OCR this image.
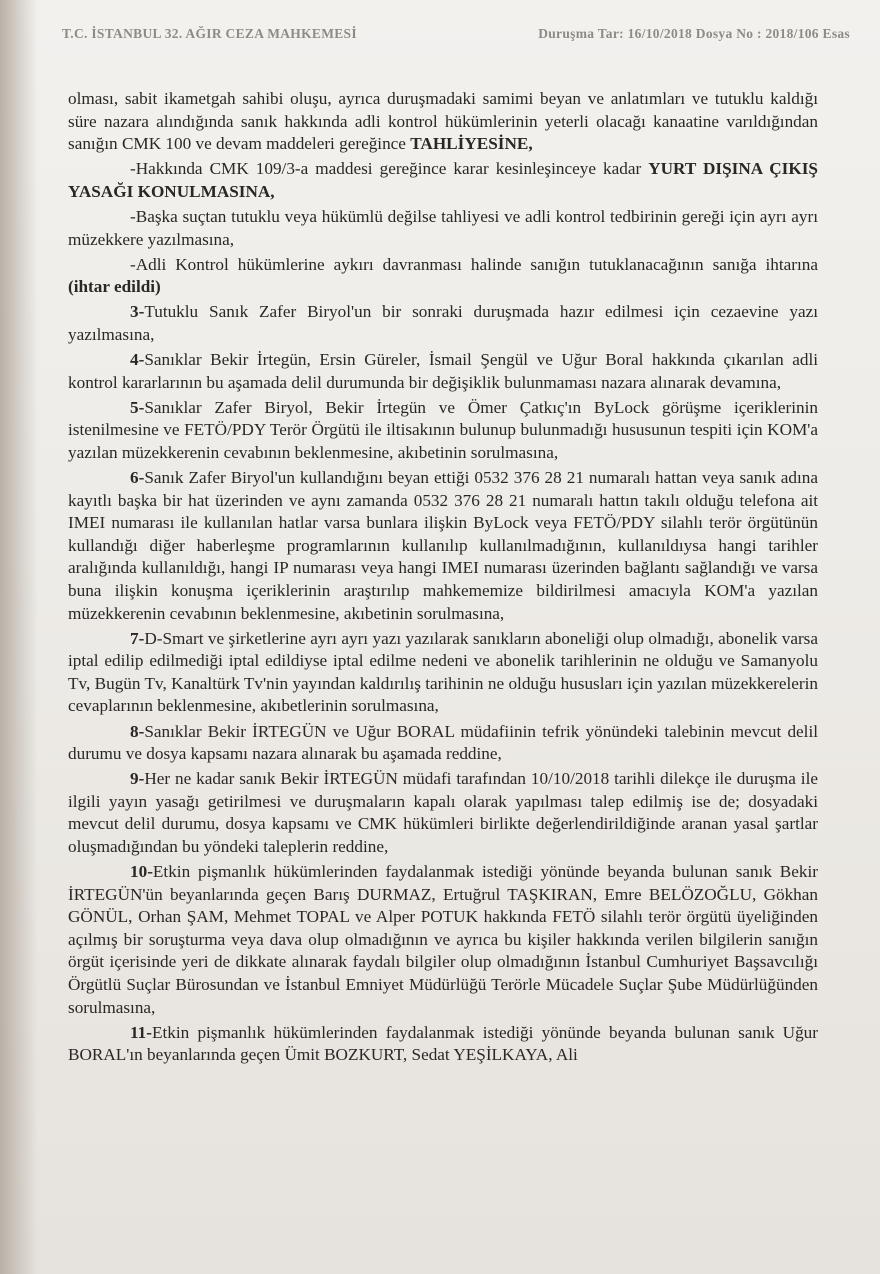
T.C. İSTANBUL 32. AĞIR CEZA MAHKEMESİ	Duruşma Tar: 16/10/2018 Dosya No : 2018/106 Esas

olması, sabit ikametgah sahibi oluşu, ayrıca duruşmadaki samimi beyan ve anlatımları ve tutuklu kaldığı süre nazara alındığında sanık hakkında adli kontrol hükümlerinin yeterli olacağı kanaatine varıldığından sanığın CMK 100 ve devam maddeleri gereğince TAHLİYESİNE,

-Hakkında CMK 109/3-a maddesi gereğince karar kesinleşinceye kadar YURT DIŞINA ÇIKIŞ YASAĞI KONULMASINA,

-Başka suçtan tutuklu veya hükümlü değilse tahliyesi ve adli kontrol tedbirinin gereği için ayrı ayrı müzekkere yazılmasına,

-Adli Kontrol hükümlerine aykırı davranması halinde sanığın tutuklanacağının sanığa ihtarına (ihtar edildi)

3-Tutuklu Sanık Zafer Biryol'un bir sonraki duruşmada hazır edilmesi için cezaevine yazı yazılmasına,

4-Sanıklar Bekir İrtegün, Ersin Güreler, İsmail Şengül ve Uğur Boral hakkında çıkarılan adli kontrol kararlarının bu aşamada delil durumunda bir değişiklik bulunmaması nazara alınarak devamına,

5-Sanıklar Zafer Biryol, Bekir İrtegün ve Ömer Çatkıç'ın ByLock görüşme içeriklerinin istenilmesine ve FETÖ/PDY Terör Örgütü ile iltisakının bulunup bulunmadığı hususunun tespiti için KOM'a yazılan müzekkerenin cevabının beklenmesine, akıbetinin sorulmasına,

6-Sanık Zafer Biryol'un kullandığını beyan ettiği 0532 376 28 21 numaralı hattan veya sanık adına kayıtlı başka bir hat üzerinden ve aynı zamanda 0532 376 28 21 numaralı hattın takılı olduğu telefona ait IMEI numarası ile kullanılan hatlar varsa bunlara ilişkin ByLock veya FETÖ/PDY silahlı terör örgütünün kullandığı diğer haberleşme programlarının kullanılıp kullanılmadığının, kullanıldıysa hangi tarihler aralığında kullanıldığı, hangi IP numarası veya hangi IMEI numarası üzerinden bağlantı sağlandığı ve varsa buna ilişkin konuşma içeriklerinin araştırılıp mahkememize bildirilmesi amacıyla KOM'a yazılan müzekkerenin cevabının beklenmesine, akıbetinin sorulmasına,

7-D-Smart ve şirketlerine ayrı ayrı yazı yazılarak sanıkların aboneliği olup olmadığı, abonelik varsa iptal edilip edilmediği iptal edildiyse iptal edilme nedeni ve abonelik tarihlerinin ne olduğu ve Samanyolu Tv, Bugün Tv, Kanaltürk Tv'nin yayından kaldırılış tarihinin ne olduğu hususları için yazılan müzekkerelerin cevaplarının beklenmesine, akıbetlerinin sorulmasına,

8-Sanıklar Bekir İRTEGÜN ve Uğur BORAL müdafiinin tefrik yönündeki talebinin mevcut delil durumu ve dosya kapsamı nazara alınarak bu aşamada reddine,

9-Her ne kadar sanık Bekir İRTEGÜN müdafi tarafından 10/10/2018 tarihli dilekçe ile duruşma ile ilgili yayın yasağı getirilmesi ve duruşmaların kapalı olarak yapılması talep edilmiş ise de; dosyadaki mevcut delil durumu, dosya kapsamı ve CMK hükümleri birlikte değerlendirildiğinde aranan yasal şartlar oluşmadığından bu yöndeki taleplerin reddine,

10-Etkin pişmanlık hükümlerinden faydalanmak istediği yönünde beyanda bulunan sanık Bekir İRTEGÜN'ün beyanlarında geçen Barış DURMAZ, Ertuğrul TAŞKIRAN, Emre BELÖZOĞLU, Gökhan GÖNÜL, Orhan ŞAM, Mehmet TOPAL ve Alper POTUK hakkında FETÖ silahlı terör örgütü üyeliğinden açılmış bir soruşturma veya dava olup olmadığının ve ayrıca bu kişiler hakkında verilen bilgilerin sanığın örgüt içerisinde yeri de dikkate alınarak faydalı bilgiler olup olmadığının İstanbul Cumhuriyet Başsavcılığı Örgütlü Suçlar Bürosundan ve İstanbul Emniyet Müdürlüğü Terörle Mücadele Suçlar Şube Müdürlüğünden sorulmasına,

11-Etkin pişmanlık hükümlerinden faydalanmak istediği yönünde beyanda bulunan sanık Uğur BORAL'ın beyanlarında geçen Ümit BOZKURT, Sedat YEŞİLKAYA, Ali
